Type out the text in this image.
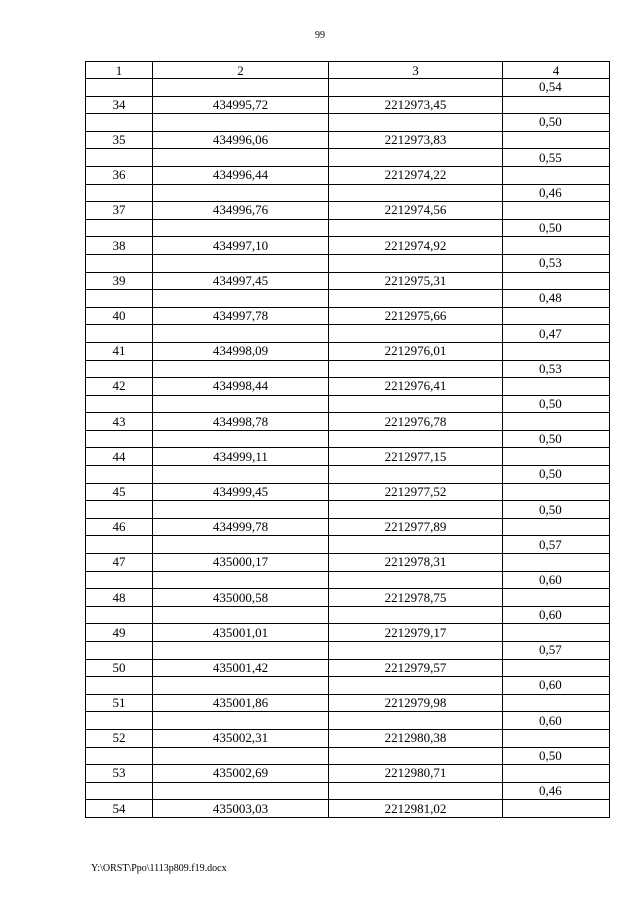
99
1	2	3	4
			0,54
34	434995,72	2212973,45	
			0,50
35	434996,06	2212973,83	
			0,55
36	434996,44	2212974,22	
			0,46
37	434996,76	2212974,56	
			0,50
38	434997,10	2212974,92	
			0,53
39	434997,45	2212975,31	
			0,48
40	434997,78	2212975,66	
			0,47
41	434998,09	2212976,01	
			0,53
42	434998,44	2212976,41	
			0,50
43	434998,78	2212976,78	
			0,50
44	434999,11	2212977,15	
			0,50
45	434999,45	2212977,52	
			0,50
46	434999,78	2212977,89	
			0,57
47	435000,17	2212978,31	
			0,60
48	435000,58	2212978,75	
			0,60
49	435001,01	2212979,17	
			0,57
50	435001,42	2212979,57	
			0,60
51	435001,86	2212979,98	
			0,60
52	435002,31	2212980,38	
			0,50
53	435002,69	2212980,71	
			0,46
54	435003,03	2212981,02	
Y:\ORST\Ppo\1113p809.f19.docx
